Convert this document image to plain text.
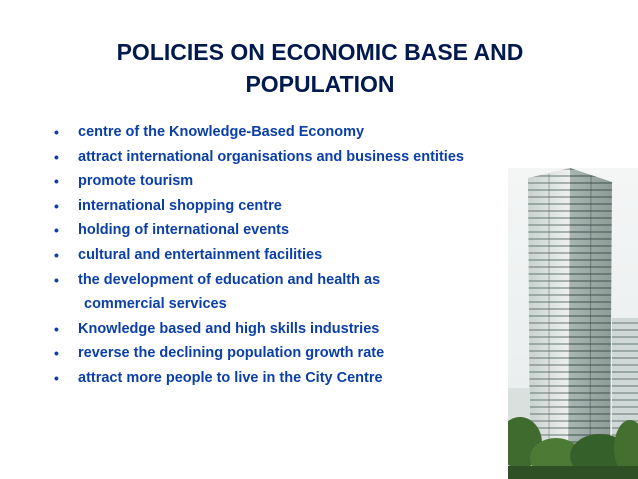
POLICIES ON ECONOMIC BASE AND
POPULATION
• centre of the Knowledge-Based Economy
• attract international organisations and business entities
• promote tourism
• international shopping centre
• holding of international events
• cultural and entertainment facilities
• the development of education and health as
commercial services
• Knowledge based and high skills industries
• reverse the declining population growth rate
• attract more people to live in the City Centre
